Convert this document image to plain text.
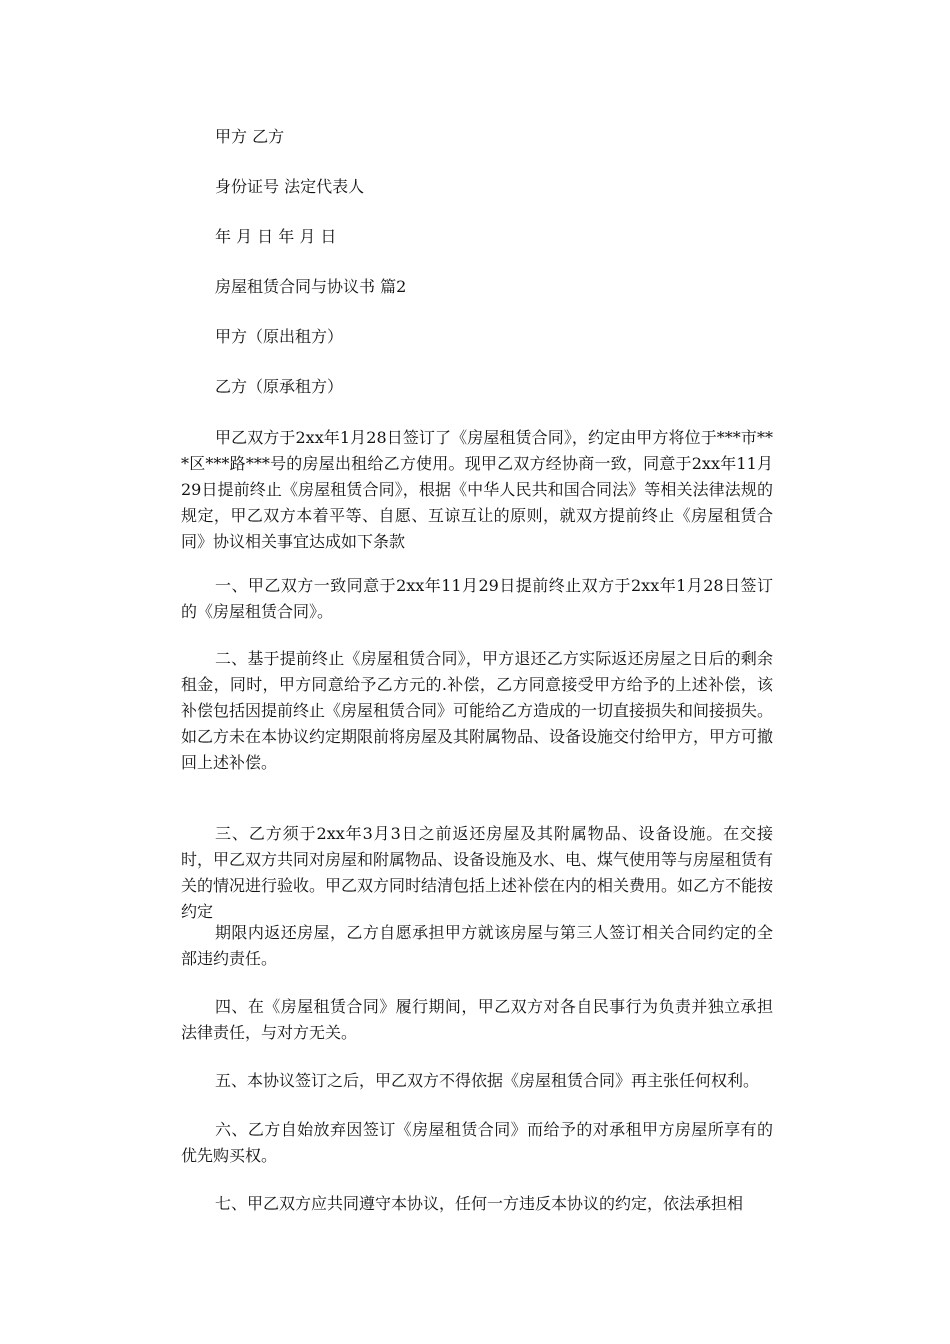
甲方 乙方
身份证号 法定代表人
年 月 日 年 月 日
房屋租赁合同与协议书 篇2
甲方（原出租方）
乙方（原承租方）
甲乙双方于2xx年1月28日签订了《房屋租赁合同》，约定由甲方将位于***市***区***路***号的房屋出租给乙方使用。现甲乙双方经协商一致，同意于2xx年11月29日提前终止《房屋租赁合同》，根据《中华人民共和国合同法》等相关法律法规的规定，甲乙双方本着平等、自愿、互谅互让的原则，就双方提前终止《房屋租赁合同》协议相关事宜达成如下条款
一、甲乙双方一致同意于2xx年11月29日提前终止双方于2xx年1月28日签订的《房屋租赁合同》。
二、基于提前终止《房屋租赁合同》，甲方退还乙方实际返还房屋之日后的剩余租金，同时，甲方同意给予乙方元的.补偿，乙方同意接受甲方给予的上述补偿，该补偿包括因提前终止《房屋租赁合同》可能给乙方造成的一切直接损失和间接损失。如乙方未在本协议约定期限前将房屋及其附属物品、设备设施交付给甲方，甲方可撤回上述补偿。
三、乙方须于2xx年3月3日之前返还房屋及其附属物品、设备设施。在交接时，甲乙双方共同对房屋和附属物品、设备设施及水、电、煤气使用等与房屋租赁有关的情况进行验收。甲乙双方同时结清包括上述补偿在内的相关费用。如乙方不能按约定
期限内返还房屋，乙方自愿承担甲方就该房屋与第三人签订相关合同约定的全部违约责任。
四、在《房屋租赁合同》履行期间，甲乙双方对各自民事行为负责并独立承担法律责任，与对方无关。
五、本协议签订之后，甲乙双方不得依据《房屋租赁合同》再主张任何权利。
六、乙方自始放弃因签订《房屋租赁合同》而给予的对承租甲方房屋所享有的优先购买权。
七、甲乙双方应共同遵守本协议，任何一方违反本协议的约定，依法承担相
